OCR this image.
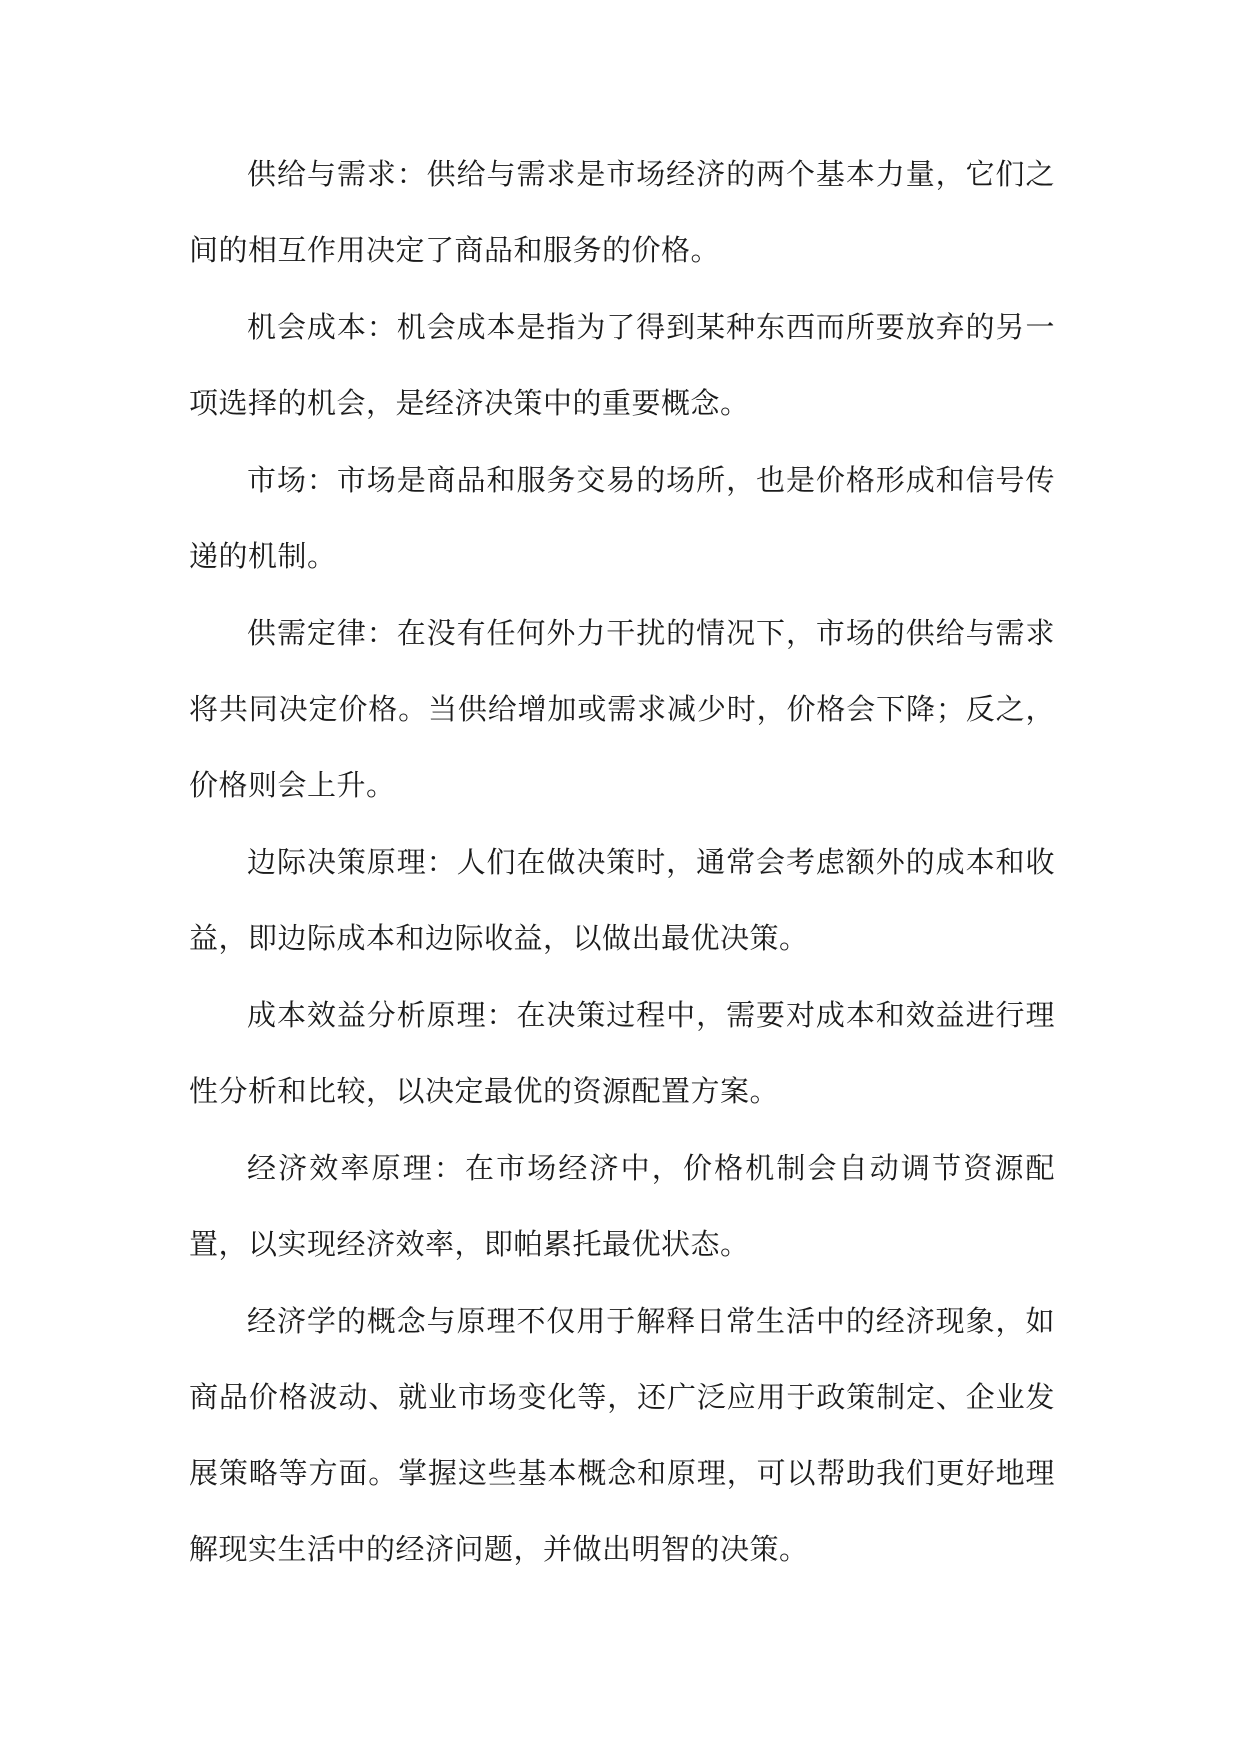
供给与需求：供给与需求是市场经济的两个基本力量，它们之间的相互作用决定了商品和服务的价格。

机会成本：机会成本是指为了得到某种东西而所要放弃的另一项选择的机会，是经济决策中的重要概念。

市场：市场是商品和服务交易的场所，也是价格形成和信号传递的机制。

供需定律：在没有任何外力干扰的情况下，市场的供给与需求将共同决定价格。当供给增加或需求减少时，价格会下降；反之，价格则会上升。

边际决策原理：人们在做决策时，通常会考虑额外的成本和收益，即边际成本和边际收益，以做出最优决策。

成本效益分析原理：在决策过程中，需要对成本和效益进行理性分析和比较，以决定最优的资源配置方案。

经济效率原理：在市场经济中，价格机制会自动调节资源配置，以实现经济效率，即帕累托最优状态。

经济学的概念与原理不仅用于解释日常生活中的经济现象，如商品价格波动、就业市场变化等，还广泛应用于政策制定、企业发展策略等方面。掌握这些基本概念和原理，可以帮助我们更好地理解现实生活中的经济问题，并做出明智的决策。
